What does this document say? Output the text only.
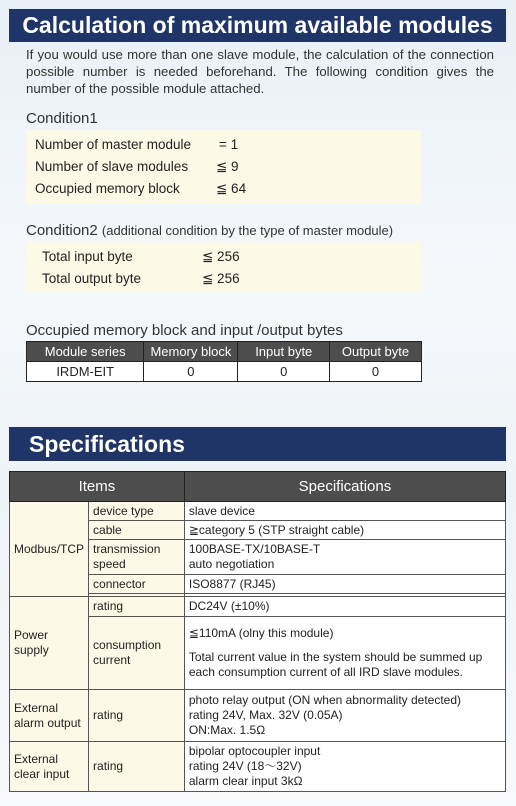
Calculation of maximum available modules

If you would use more than one slave module, the calculation of the connection possible number is needed beforehand. The following condition gives the number of the possible module attached.

Condition1
Number of master module = 1
Number of slave modules ≦ 9
Occupied memory block	≦ 64
Condition2 (additional condition by the type of master module)
Total input byte	≦ 256
Total output byte	≦ 256
Occupied memory block and input /output bytes
Module series	Memory block	Input byte	Output byte
IRDM-EIT	0	0	0
Specifications
Items		Specifications
Modbus/TCP	device type	slave device
	cable	≧category 5 (STP straight cable)
	transmission speed	100BASE-TX/10BASE-T
auto negotiation

	connector	ISO8877 (RJ45)

Power supply	rating	DC24V (±10%)
	consumption current	≦110mA (olny this module)
Total current value in the system should be summed up each consumption current of all IRD slave modules.

External alarm output	rating	photo relay output (ON when abnormality detected)
rating 24V, Max. 32V (0.05A)
ON:Max. 1.5Ω

External clear input	rating	bipolar optocoupler input
rating 24V (18～32V)
alarm clear input 3kΩ
